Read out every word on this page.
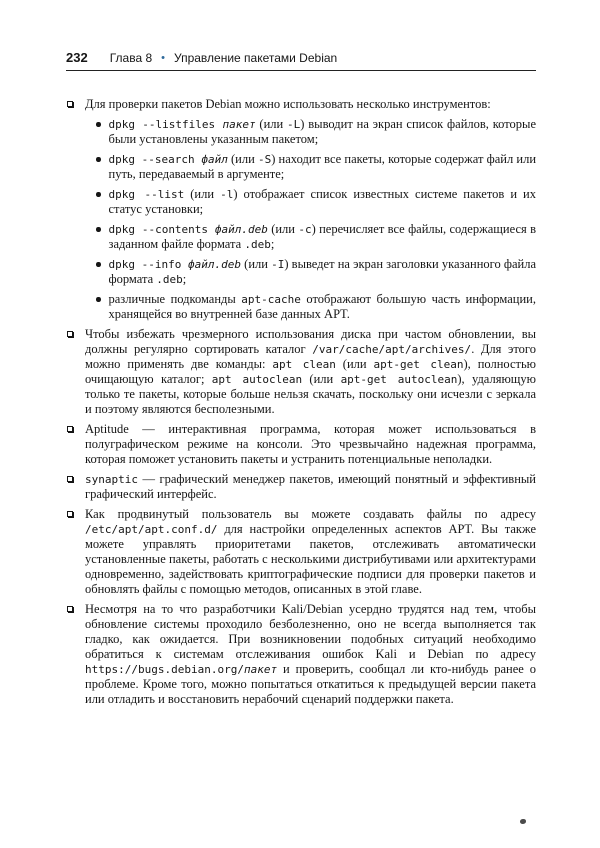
232 Глава 8 • Управление пакетами Debian
Для проверки пакетов Debian можно использовать несколько инструментов:
dpkg --listfiles пакет (или -L) выводит на экран список файлов, которые были установлены указанным пакетом;
dpkg --search файл (или -S) находит все пакеты, которые содержат файл или путь, передаваемый в аргументе;
dpkg --list (или -l) отображает список известных системе пакетов и их статус установки;
dpkg --contents файл.deb (или -c) перечисляет все файлы, содержащиеся в заданном файле формата .deb;
dpkg --info файл.deb (или -I) выведет на экран заголовки указанного файла формата .deb;
различные подкоманды apt-cache отображают большую часть информации, хранящейся во внутренней базе данных APT.
Чтобы избежать чрезмерного использования диска при частом обновлении, вы должны регулярно сортировать каталог /var/cache/apt/archives/. Для этого можно применять две команды: apt clean (или apt-get clean), полностью очищающую каталог; apt autoclean (или apt-get autoclean), удаляющую только те пакеты, которые больше нельзя скачать, поскольку они исчезли с зеркала и поэтому являются бесполезными.
Aptitude — интерактивная программа, которая может использоваться в полуграфическом режиме на консоли. Это чрезвычайно надежная программа, которая поможет установить пакеты и устранить потенциальные неполадки.
synaptic — графический менеджер пакетов, имеющий понятный и эффективный графический интерфейс.
Как продвинутый пользователь вы можете создавать файлы по адресу /etc/apt/apt.conf.d/ для настройки определенных аспектов APT. Вы также можете управлять приоритетами пакетов, отслеживать автоматически установленные пакеты, работать с несколькими дистрибутивами или архитектурами одновременно, задействовать криптографические подписи для проверки пакетов и обновлять файлы с помощью методов, описанных в этой главе.
Несмотря на то что разработчики Kali/Debian усердно трудятся над тем, чтобы обновление системы проходило безболезненно, оно не всегда выполняется так гладко, как ожидается. При возникновении подобных ситуаций необходимо обратиться к системам отслеживания ошибок Kali и Debian по адресу https://bugs.debian.org/пакет и проверить, сообщал ли кто-нибудь ранее о проблеме. Кроме того, можно попытаться откатиться к предыдущей версии пакета или отладить и восстановить нерабочий сценарий поддержки пакета.
